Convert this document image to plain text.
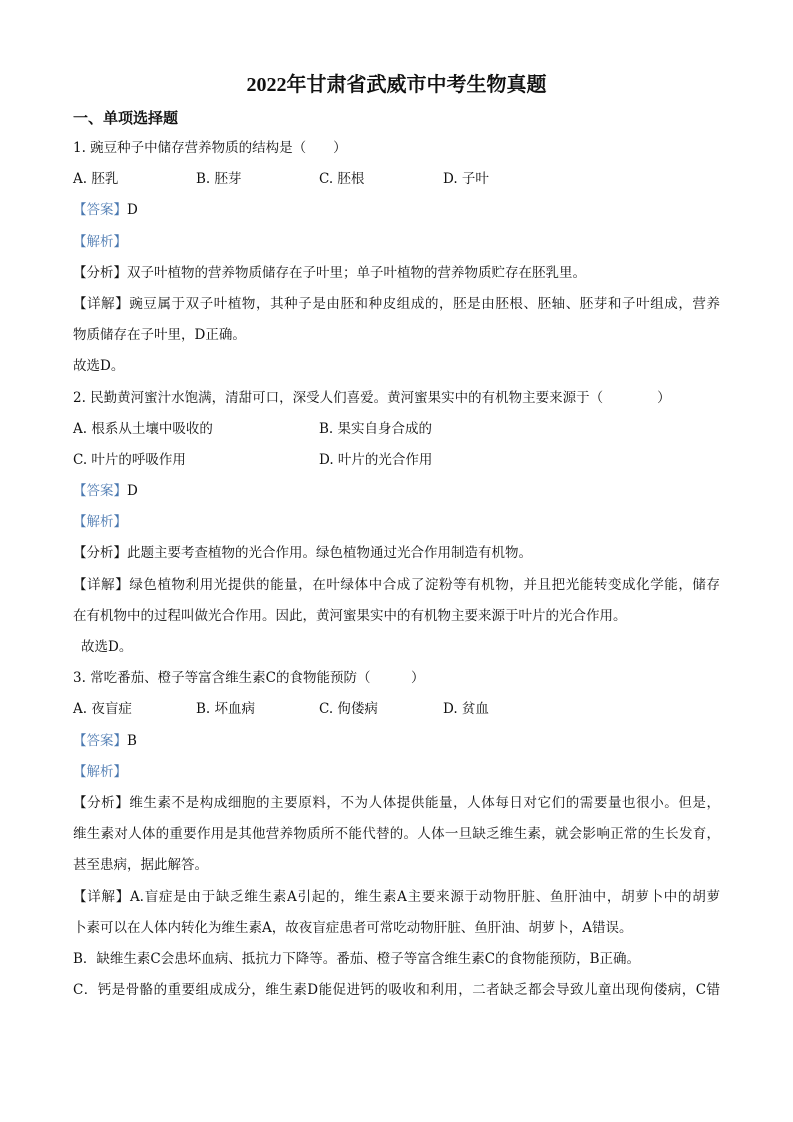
2022年甘肃省武威市中考生物真题
一、单项选择题
1. 豌豆种子中储存营养物质的结构是（　　）
A. 胚乳	B. 胚芽	C. 胚根	D. 子叶
【答案】D
【解析】
【分析】双子叶植物的营养物质储存在子叶里；单子叶植物的营养物质贮存在胚乳里。
【详解】豌豆属于双子叶植物，其种子是由胚和种皮组成的，胚是由胚根、胚轴、胚芽和子叶组成，营养
物质储存在子叶里，D正确。
故选D。
2. 民勤黄河蜜汁水饱满，清甜可口，深受人们喜爱。黄河蜜果实中的有机物主要来源于（　　　　）
A. 根系从土壤中吸收的	B. 果实自身合成的
C. 叶片的呼吸作用	D. 叶片的光合作用
【答案】D
【解析】
【分析】此题主要考查植物的光合作用。绿色植物通过光合作用制造有机物。
【详解】绿色植物利用光提供的能量，在叶绿体中合成了淀粉等有机物，并且把光能转变成化学能，储存
在有机物中的过程叫做光合作用。因此，黄河蜜果实中的有机物主要来源于叶片的光合作用。
故选D。
3. 常吃番茄、橙子等富含维生素C的食物能预防（　　　）
A. 夜盲症	B. 坏血病	C. 佝偻病	D. 贫血
【答案】B
【解析】
【分析】维生素不是构成细胞的主要原料，不为人体提供能量，人体每日对它们的需要量也很小。但是，
维生素对人体的重要作用是其他营养物质所不能代替的。人体一旦缺乏维生素，就会影响正常的生长发育，
甚至患病，据此解答。
【详解】A.盲症是由于缺乏维生素A引起的，维生素A主要来源于动物肝脏、鱼肝油中，胡萝卜中的胡萝
卜素可以在人体内转化为维生素A，故夜盲症患者可常吃动物肝脏、鱼肝油、胡萝卜，A错误。
B．缺维生素C会患坏血病、抵抗力下降等。番茄、橙子等富含维生素C的食物能预防，B正确。
C．钙是骨骼的重要组成成分，维生素D能促进钙的吸收和利用，二者缺乏都会导致儿童出现佝偻病，C错
